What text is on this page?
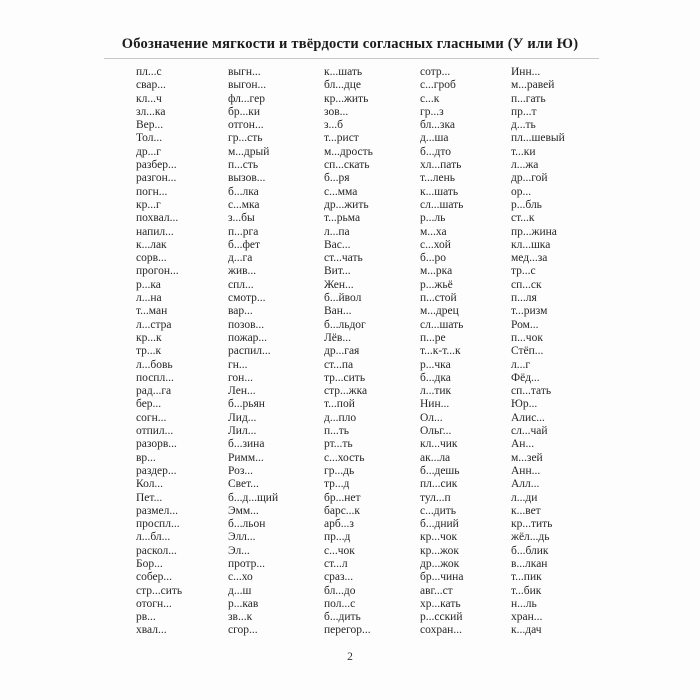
Обозначение мягкости и твёрдости согласных гласными (У или Ю)
пл...с
свар...
кл...ч
зл...ка
Вер...
Тол...
др...г
разбер...
разгон...
погн...
кр...г
похвал...
напил...
к...лак
сорв...
прогон...
р...ка
л...на
т...ман
л...стра
кр...к
тр...к
л...бовь
поспл...
рад...га
бер...
согн...
отпил...
разорв...
вр...
раздер...
Кол...
Пет...
размел...
проспл...
л...бл...
раскол...
Бор...
собер...
стр...сить
отогн...
рв...
хвал...
выгн...
выгон...
фл...гер
бр...ки
отгон...
гр...сть
м...дрый
п...сть
вызов...
б...лка
с...мка
з...бы
п...рга
б...фет
д...га
жив...
спл...
смотр...
вар...
позов...
пожар...
распил...
гн...
гон...
Лен...
б...рьян
Лид...
Лил...
б...зина
Римм...
Роз...
Свет...
б...д...щий
Эмм...
б...льон
Элл...
Эл...
протр...
с...хо
д...ш
р...кав
зв...к
сгор...
к...шать
бл...дце
кр...жить
зов...
з...б
т...рист
м...дрость
сп...скать
б...ря
с...мма
др...жить
т...рьма
л...па
Вас...
ст...чать
Вит...
Жен...
б...йвол
Ван...
б...льдог
Лёв...
др...гая
ст...па
тр...сить
стр...жка
т...пой
д...пло
п...ть
рт...ть
с...хость
гр...дь
тр...д
бр...нет
барс...к
арб...з
пр...д
с...чок
ст...л
сраз...
бл...до
пол...с
б...дить
перегор...
сотр...
с...гроб
с...к
гр...з
бл...зка
д...ша
б...дто
хл...пать
т...лень
к...шать
сл...шать
р...ль
м...ха
с...хой
б...ро
м...рка
р...жьё
п...стой
м...дрец
сл...шать
п...ре
т...к-т...к
р...чка
б...дка
л...тик
Нин...
Ол...
Ольг...
кл...чик
ак...ла
б...дешь
пл...сик
тул...п
с...дить
б...дний
кр...чок
кр...жок
др...жок
бр...чина
авг...ст
хр...кать
р...сский
сохран...
Инн...
м...равей
п...гать
пр...т
д...ть
пл...шевый
т...ки
л...жа
др...гой
ор...
р...бль
ст...к
пр...жина
кл...шка
мед...за
тр...с
сп...ск
п...ля
т...ризм
Ром...
п...чок
Стёп...
л...г
Фёд...
сп...тать
Юр...
Алис...
сл...чай
Ан...
м...зей
Анн...
Алл...
л...ди
к...вет
кр...тить
жёл...дь
б...блик
в...лкан
т...пик
т...бик
н...ль
хран...
к...дач
2
